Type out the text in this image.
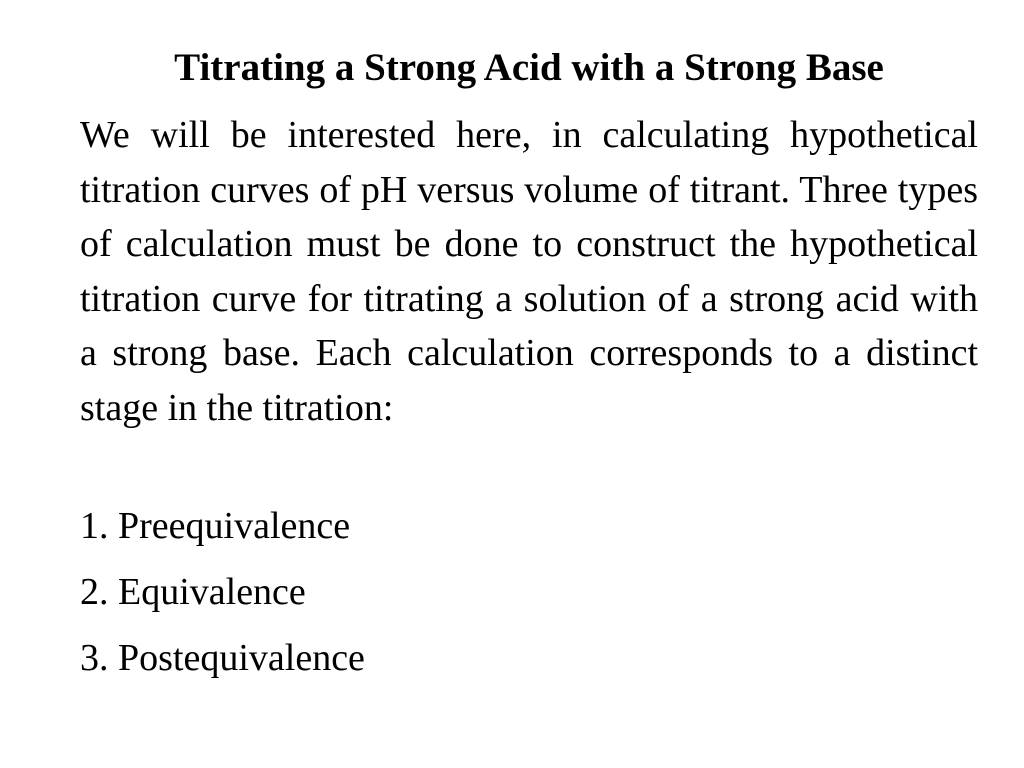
Titrating a Strong Acid with a Strong Base

We will be interested here, in calculating hypothetical titration curves of pH versus volume of titrant. Three types of calculation must be done to construct the hypothetical titration curve for titrating a solution of a strong acid with a strong base. Each calculation corresponds to a distinct stage in the titration:

1. Preequivalence
2. Equivalence
3. Postequivalence
